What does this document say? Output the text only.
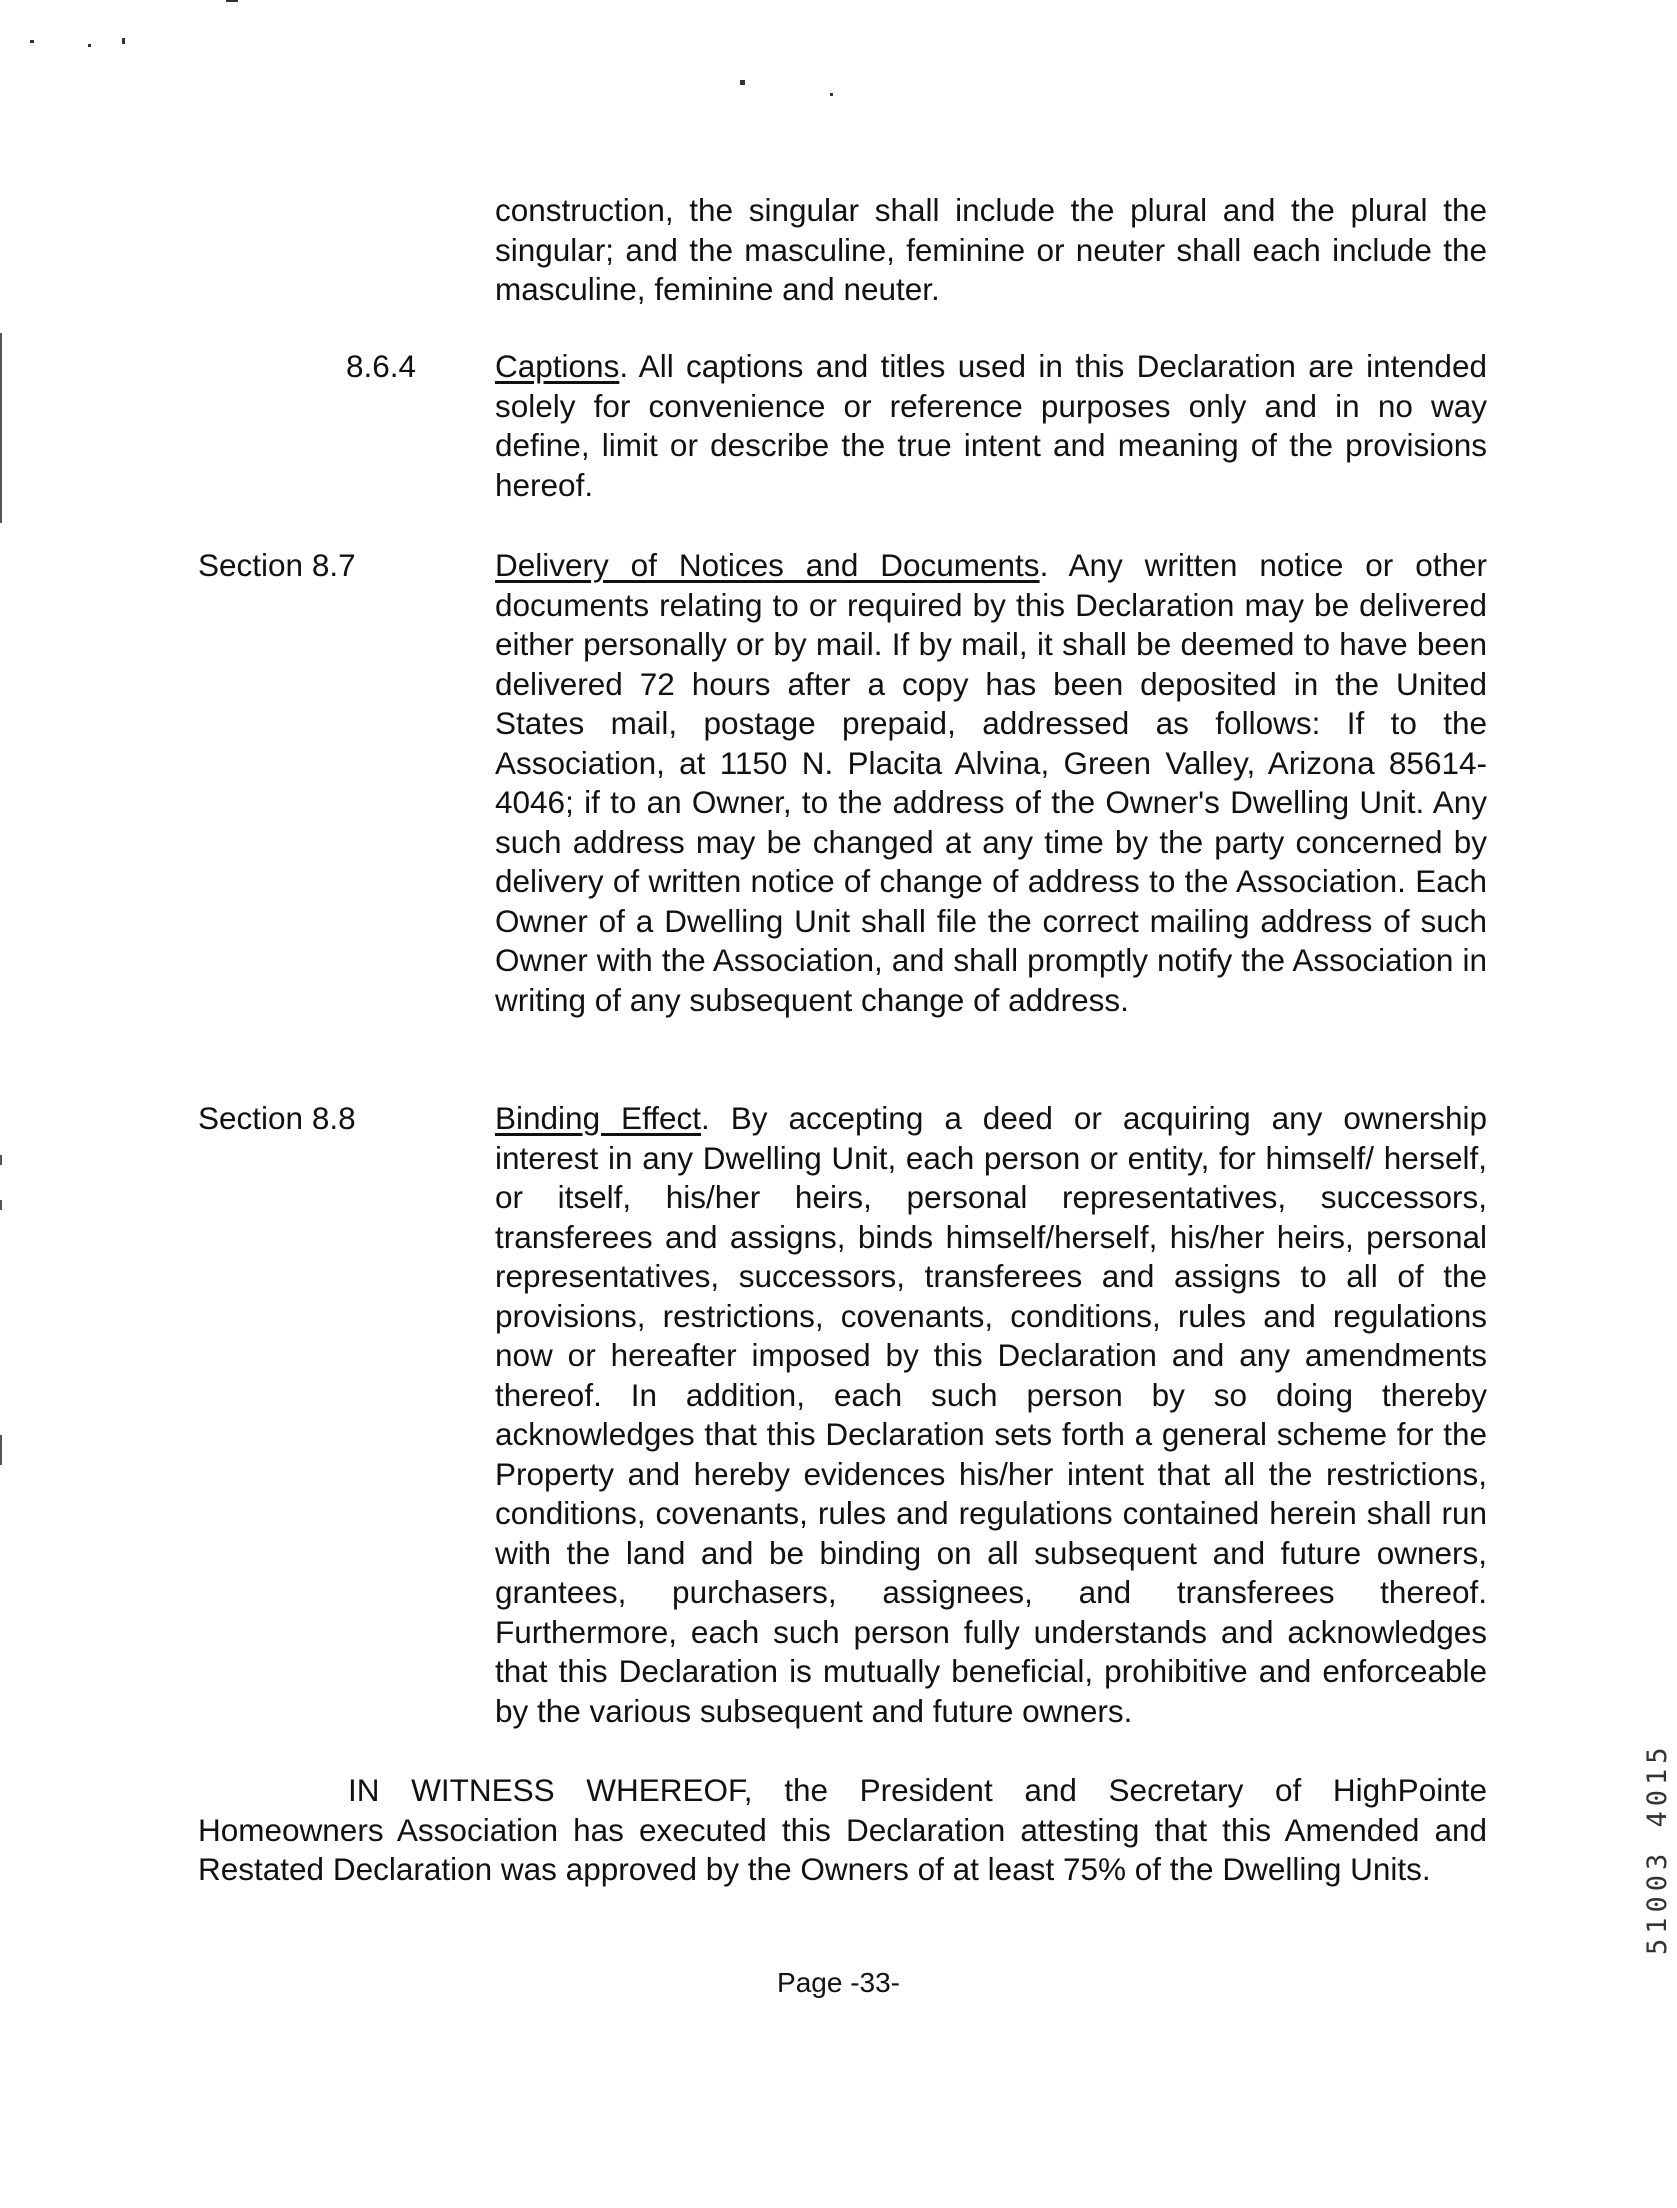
construction, the singular shall include the plural and the plural the singular; and the masculine, feminine or neuter shall each include the masculine, feminine and neuter.
8.6.4	Captions. All captions and titles used in this Declaration are intended solely for convenience or reference purposes only and in no way define, limit or describe the true intent and meaning of the provisions hereof.
Section 8.7	Delivery of Notices and Documents. Any written notice or other documents relating to or required by this Declaration may be delivered either personally or by mail. If by mail, it shall be deemed to have been delivered 72 hours after a copy has been deposited in the United States mail, postage prepaid, addressed as follows: If to the Association, at 1150 N. Placita Alvina, Green Valley, Arizona 85614-4046; if to an Owner, to the address of the Owner's Dwelling Unit. Any such address may be changed at any time by the party concerned by delivery of written notice of change of address to the Association. Each Owner of a Dwelling Unit shall file the correct mailing address of such Owner with the Association, and shall promptly notify the Association in writing of any subsequent change of address.
Section 8.8	Binding Effect. By accepting a deed or acquiring any ownership interest in any Dwelling Unit, each person or entity, for himself/ herself, or itself, his/her heirs, personal representatives, successors, transferees and assigns, binds himself/herself, his/her heirs, personal representatives, successors, transferees and assigns to all of the provisions, restrictions, covenants, conditions, rules and regulations now or hereafter imposed by this Declaration and any amendments thereof. In addition, each such person by so doing thereby acknowledges that this Declaration sets forth a general scheme for the Property and hereby evidences his/her intent that all the restrictions, conditions, covenants, rules and regulations contained herein shall run with the land and be binding on all subsequent and future owners, grantees, purchasers, assignees, and transferees thereof. Furthermore, each such person fully understands and acknowledges that this Declaration is mutually beneficial, prohibitive and enforceable by the various subsequent and future owners.
IN WITNESS WHEREOF, the President and Secretary of HighPointe Homeowners Association has executed this Declaration attesting that this Amended and Restated Declaration was approved by the Owners of at least 75% of the Dwelling Units.
Page -33-
51003 4015
